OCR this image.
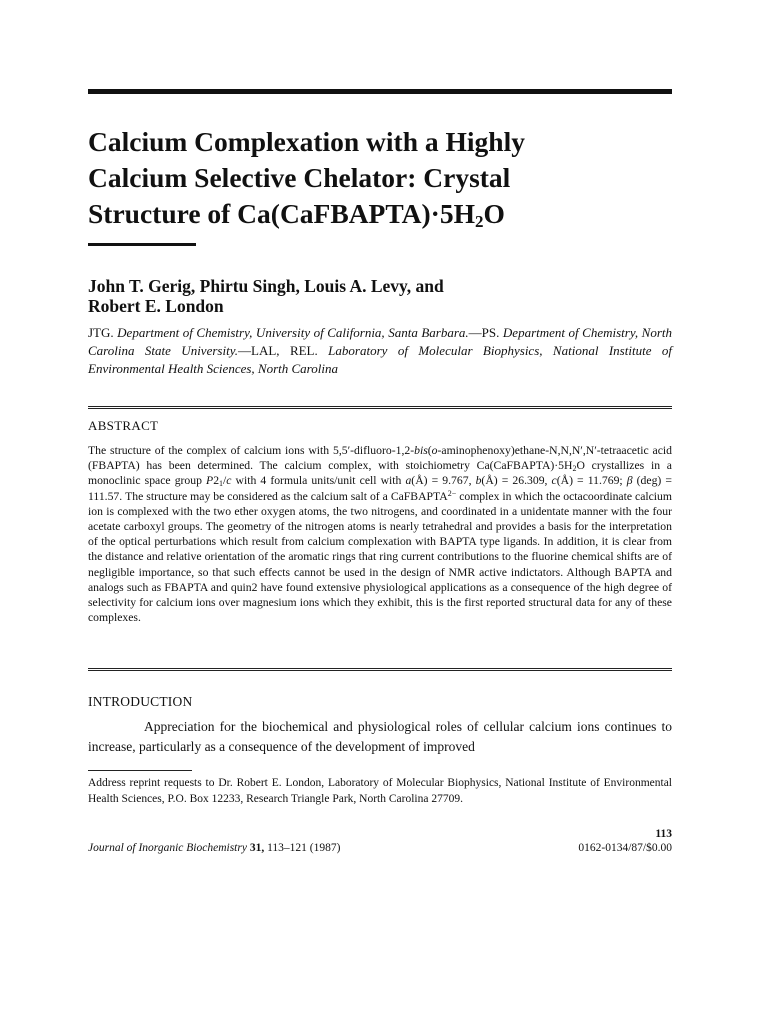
Calcium Complexation with a Highly
Calcium Selective Chelator: Crystal
Structure of $Ca(CaFBAPTA)\cdot 5H_2O$

John T. Gerig, Phirtu Singh, Louis A. Levy, and
Robert E. London

JTG. Department of Chemistry, University of California, Santa Barbara.—PS. Department of Chemistry, North Carolina State University.—LAL, REL. Laboratory of Molecular Biophysics, National Institute of Environmental Health Sciences, North Carolina

ABSTRACT

The structure of the complex of calcium ions with 5,5′-difluoro-1,2-bis(o-aminophenoxy)ethane-N,N,N′,N′-tetraacetic acid (FBAPTA) has been determined. The calcium complex, with stoichiometry $Ca(CaFBAPTA)\cdot 5H_2O$ crystallizes in a monoclinic space group $P2_1/c$ with 4 formula units/unit cell with a(Å) = 9.767, b(Å) = 26.309, c(Å) = 11.769; β (deg) = 111.57. The structure may be considered as the calcium salt of a CaFBAPTA$^{2-}$ complex in which the octacoordinate calcium ion is complexed with the two ether oxygen atoms, the two nitrogens, and coordinated in a unidentate manner with the four acetate carboxyl groups. The geometry of the nitrogen atoms is nearly tetrahedral and provides a basis for the interpretation of the optical perturbations which result from calcium complexation with BAPTA type ligands. In addition, it is clear from the distance and relative orientation of the aromatic rings that ring current contributions to the fluorine chemical shifts are of negligible importance, so that such effects cannot be used in the design of NMR active indictators. Although BAPTA and analogs such as FBAPTA and quin2 have found extensive physiological applications as a consequence of the high degree of selectivity for calcium ions over magnesium ions which they exhibit, this is the first reported structural data for any of these complexes.

INTRODUCTION

Appreciation for the biochemical and physiological roles of cellular calcium ions continues to increase, particularly as a consequence of the development of improved

Address reprint requests to Dr. Robert E. London, Laboratory of Molecular Biophysics, National Institute of Environmental Health Sciences, P.O. Box 12233, Research Triangle Park, North Carolina 27709.

113
Journal of Inorganic Biochemistry 31, 113–121 (1987)	0162-0134/87/$0.00
